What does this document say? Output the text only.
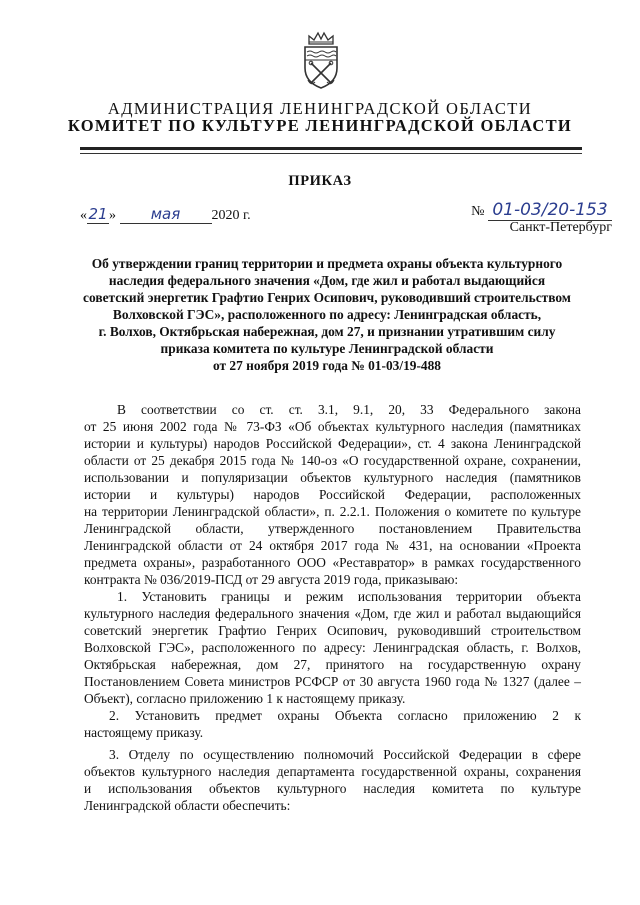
АДМИНИСТРАЦИЯ ЛЕНИНГРАДСКОЙ ОБЛАСТИ
КОМИТЕТ ПО КУЛЬТУРЕ ЛЕНИНГРАДСКОЙ ОБЛАСТИ
ПРИКАЗ
«21» мая 2020 г.	№ 01-03/20-153
Санкт-Петербург
Об утверждении границ территории и предмета охраны объекта культурного
наследия федерального значения «Дом, где жил и работал выдающийся
советский энергетик Графтио Генрих Осипович, руководивший строительством
Волховской ГЭС», расположенного по адресу: Ленинградская область,
г. Волхов, Октябрьская набережная, дом 27, и признании утратившим силу
приказа комитета по культуре Ленинградской области
от 27 ноября 2019 года № 01-03/19-488
В соответствии со ст. ст. 3.1, 9.1, 20, 33 Федерального закона
от 25 июня 2002 года № 73-ФЗ «Об объектах культурного наследия (памятниках
истории и культуры) народов Российской Федерации», ст. 4 закона Ленинградской
области от 25 декабря 2015 года № 140-оз «О государственной охране, сохранении,
использовании и популяризации объектов культурного наследия (памятников
истории и культуры) народов Российской Федерации, расположенных
на территории Ленинградской области», п. 2.2.1. Положения о комитете по культуре
Ленинградской области, утвержденного постановлением Правительства
Ленинградской области от 24 октября 2017 года № 431, на основании «Проекта
предмета охраны», разработанного ООО «Реставратор» в рамках государственного
контракта № 036/2019-ПСД от 29 августа 2019 года, приказываю:
1. Установить границы и режим использования территории объекта
культурного наследия федерального значения «Дом, где жил и работал выдающийся
советский энергетик Графтио Генрих Осипович, руководивший строительством
Волховской ГЭС», расположенного по адресу: Ленинградская область, г. Волхов,
Октябрьская набережная, дом 27, принятого на государственную охрану
Постановлением Совета министров РСФСР от 30 августа 1960 года № 1327 (далее –
Объект), согласно приложению 1 к настоящему приказу.
2. Установить предмет охраны Объекта согласно приложению 2 к
настоящему приказу.
3. Отделу по осуществлению полномочий Российской Федерации в сфере
объектов культурного наследия департамента государственной охраны, сохранения
и использования объектов культурного наследия комитета по культуре
Ленинградской области обеспечить:
